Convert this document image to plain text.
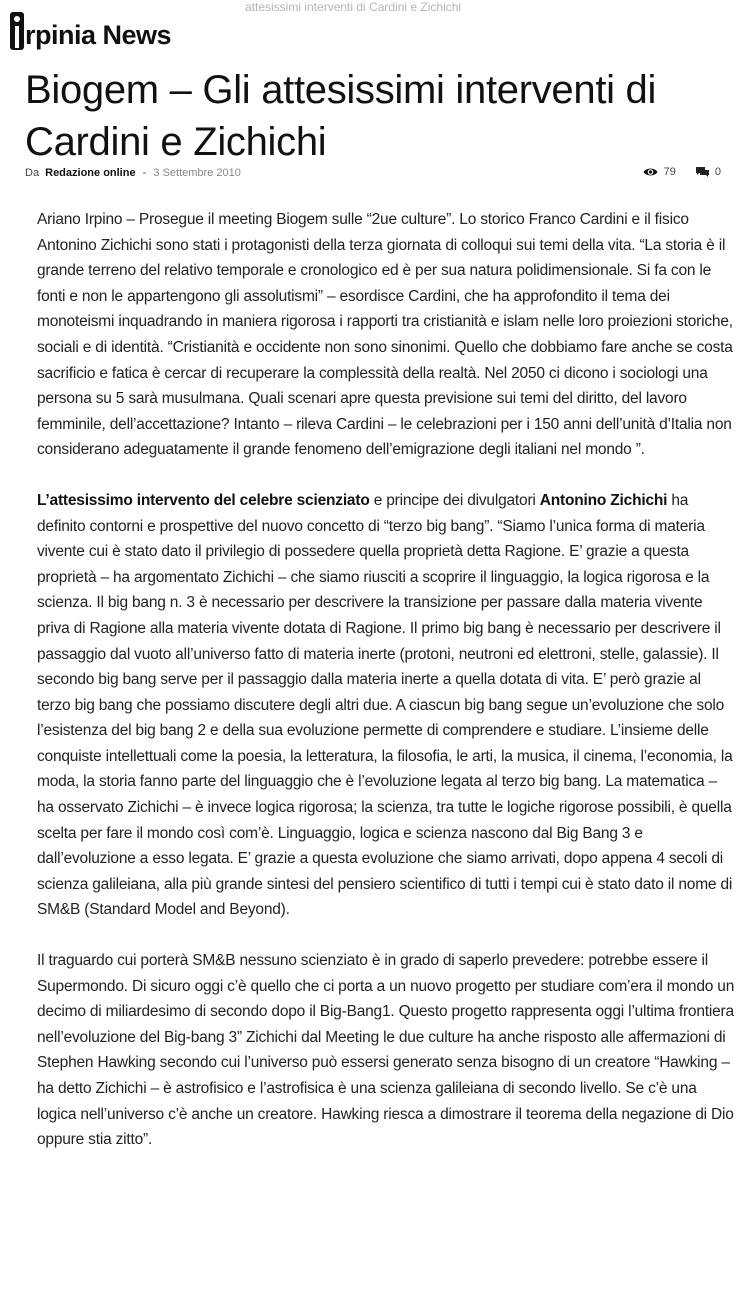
rpinia News
attesissimi interventi di Cardini e Zichichi
Biogem – Gli attesissimi interventi di Cardini e Zichichi
Da Redazione online - 3 Settembre 2010	79	0

Ariano Irpino – Prosegue il meeting Biogem sulle “2ue culture”. Lo storico Franco Cardini e il fisico Antonino Zichichi sono stati i protagonisti della terza giornata di colloqui sui temi della vita. “La storia è il grande terreno del relativo temporale e cronologico ed è per sua natura polidimensionale. Si fa con le fonti e non le appartengono gli assolutismi” – esordisce Cardini, che ha approfondito il tema dei monoteismi inquadrando in maniera rigorosa i rapporti tra cristianità e islam nelle loro proiezioni storiche, sociali e di identità. “Cristianità e occidente non sono sinonimi. Quello che dobbiamo fare anche se costa sacrificio e fatica è cercar di recuperare la complessità della realtà. Nel 2050 ci dicono i sociologi una persona su 5 sarà musulmana. Quali scenari apre questa previsione sui temi del diritto, del lavoro femminile, dell’accettazione? Intanto – rileva Cardini – le celebrazioni per i 150 anni dell’unità d’Italia non considerano adeguatamente il grande fenomeno dell’emigrazione degli italiani nel mondo ”.

L’attesissimo intervento del celebre scienziato e principe dei divulgatori Antonino Zichichi ha definito contorni e prospettive del nuovo concetto di “terzo big bang”. “Siamo l’unica forma di materia vivente cui è stato dato il privilegio di possedere quella proprietà detta Ragione. E’ grazie a questa proprietà – ha argomentato Zichichi – che siamo riusciti a scoprire il linguaggio, la logica rigorosa e la scienza. Il big bang n. 3 è necessario per descrivere la transizione per passare dalla materia vivente priva di Ragione alla materia vivente dotata di Ragione. Il primo big bang è necessario per descrivere il passaggio dal vuoto all’universo fatto di materia inerte (protoni, neutroni ed elettroni, stelle, galassie). Il secondo big bang serve per il passaggio dalla materia inerte a quella dotata di vita. E’ però grazie al terzo big bang che possiamo discutere degli altri due. A ciascun big bang segue un’evoluzione che solo l’esistenza del big bang 2 e della sua evoluzione permette di comprendere e studiare. L’insieme delle conquiste intellettuali come la poesia, la letteratura, la filosofia, le arti, la musica, il cinema, l’economia, la moda, la storia fanno parte del linguaggio che è l’evoluzione legata al terzo big bang. La matematica – ha osservato Zichichi – è invece logica rigorosa; la scienza, tra tutte le logiche rigorose possibili, è quella scelta per fare il mondo così com’è. Linguaggio, logica e scienza nascono dal Big Bang 3 e dall’evoluzione a esso legata. E’ grazie a questa evoluzione che siamo arrivati, dopo appena 4 secoli di scienza galileiana, alla più grande sintesi del pensiero scientifico di tutti i tempi cui è stato dato il nome di SM&B (Standard Model and Beyond).

Il traguardo cui porterà SM&B nessuno scienziato è in grado di saperlo prevedere: potrebbe essere il Supermondo. Di sicuro oggi c’è quello che ci porta a un nuovo progetto per studiare com’era il mondo un decimo di miliardesimo di secondo dopo il Big-Bang1. Questo progetto rappresenta oggi l’ultima frontiera nell’evoluzione del Big-bang 3” Zichichi dal Meeting le due culture ha anche risposto alle affermazioni di Stephen Hawking secondo cui l’universo può essersi generato senza bisogno di un creatore “Hawking – ha detto Zichichi – è astrofisico e l’astrofisica è una scienza galileiana di secondo livello. Se c’è una logica nell’universo c’è anche un creatore. Hawking riesca a dimostrare il teorema della negazione di Dio oppure stia zitto”.
